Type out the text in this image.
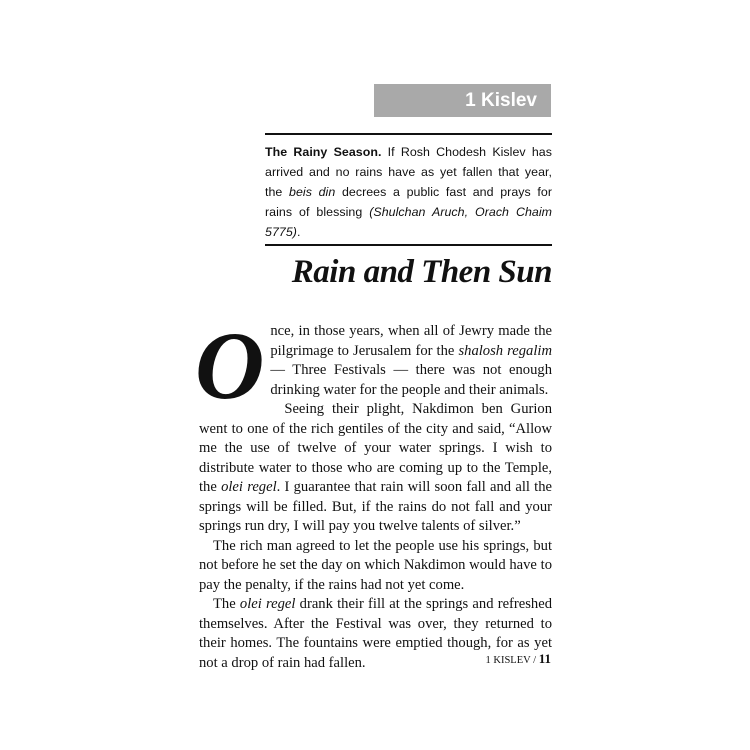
1 Kislev
The Rainy Season. If Rosh Chodesh Kislev has arrived and no rains have as yet fallen that year, the beis din decrees a public fast and prays for rains of blessing (Shulchan Aruch, Orach Chaim 5775).
Rain and Then Sun

Once, in those years, when all of Jewry made the pilgrimage to Jerusalem for the shalosh regalim — Three Festivals — there was not enough drinking water for the people and their animals.

Seeing their plight, Nakdimon ben Gurion went to one of the rich gentiles of the city and said, “Allow me the use of twelve of your water springs. I wish to distribute water to those who are coming up to the Temple, the olei regel. I guarantee that rain will soon fall and all the springs will be filled. But, if the rains do not fall and your springs run dry, I will pay you twelve talents of silver.”

The rich man agreed to let the people use his springs, but not before he set the day on which Nakdimon would have to pay the penalty, if the rains had not yet come.

The olei regel drank their fill at the springs and refreshed themselves. After the Festival was over, they returned to their homes. The fountains were emptied though, for as yet not a drop of rain had fallen.	1 KISLEV / 11
